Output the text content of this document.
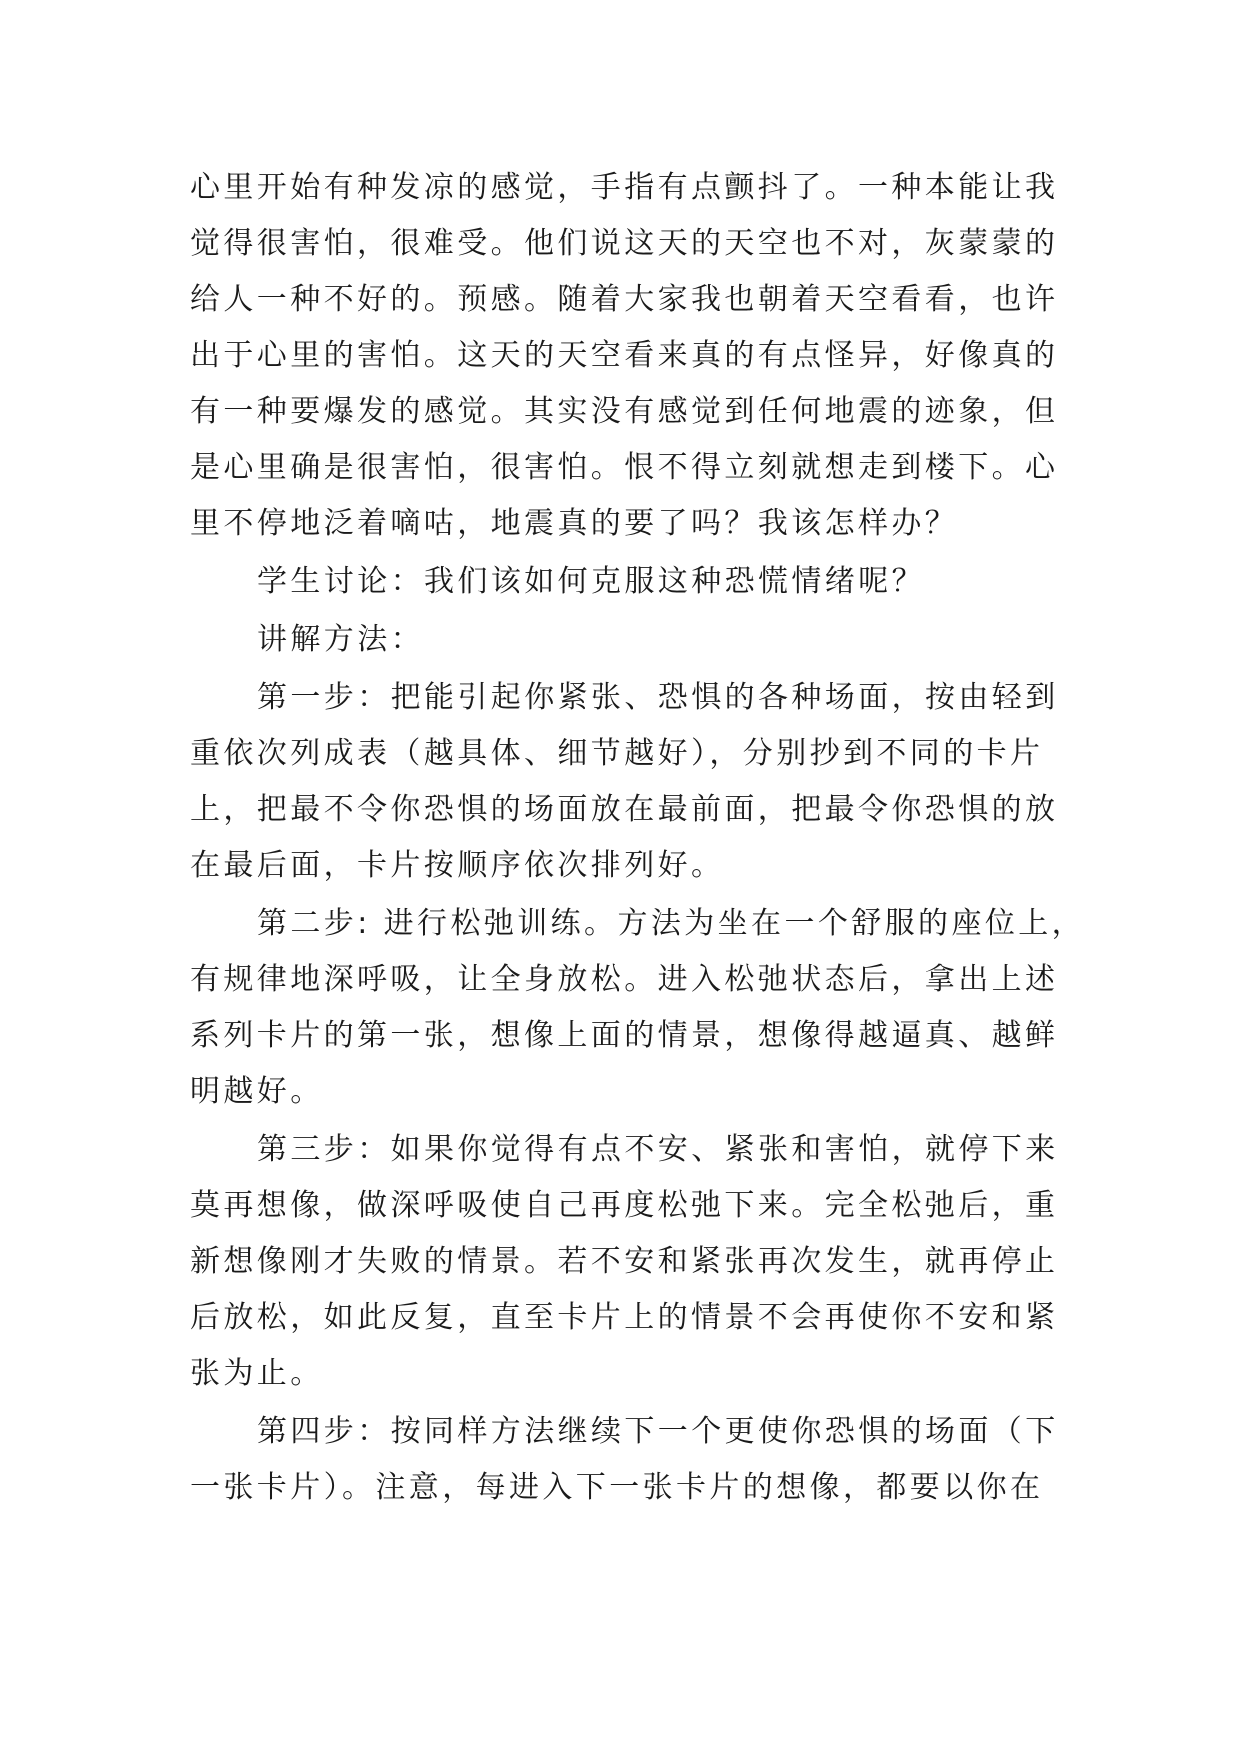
心里开始有种发凉的感觉，手指有点颤抖了。一种本能让我
觉得很害怕，很难受。他们说这天的天空也不对，灰蒙蒙的
给人一种不好的。预感。随着大家我也朝着天空看看，也许
出于心里的害怕。这天的天空看来真的有点怪异，好像真的
有一种要爆发的感觉。其实没有感觉到任何地震的迹象，但
是心里确是很害怕，很害怕。恨不得立刻就想走到楼下。心
里不停地泛着嘀咕，地震真的要了吗？我该怎样办？
学生讨论：我们该如何克服这种恐慌情绪呢？
讲解方法：
第一步：把能引起你紧张、恐惧的各种场面，按由轻到
重依次列成表（越具体、细节越好），分别抄到不同的卡片
上，把最不令你恐惧的场面放在最前面，把最令你恐惧的放
在最后面，卡片按顺序依次排列好。
第二步: 进行松弛训练。方法为坐在一个舒服的座位上，
有规律地深呼吸，让全身放松。进入松弛状态后，拿出上述
系列卡片的第一张，想像上面的情景，想像得越逼真、越鲜
明越好。
第三步：如果你觉得有点不安、紧张和害怕，就停下来
莫再想像，做深呼吸使自己再度松弛下来。完全松弛后，重
新想像刚才失败的情景。若不安和紧张再次发生，就再停止
后放松，如此反复，直至卡片上的情景不会再使你不安和紧
张为止。
第四步：按同样方法继续下一个更使你恐惧的场面（下
一张卡片）。注意，每进入下一张卡片的想像，都要以你在
